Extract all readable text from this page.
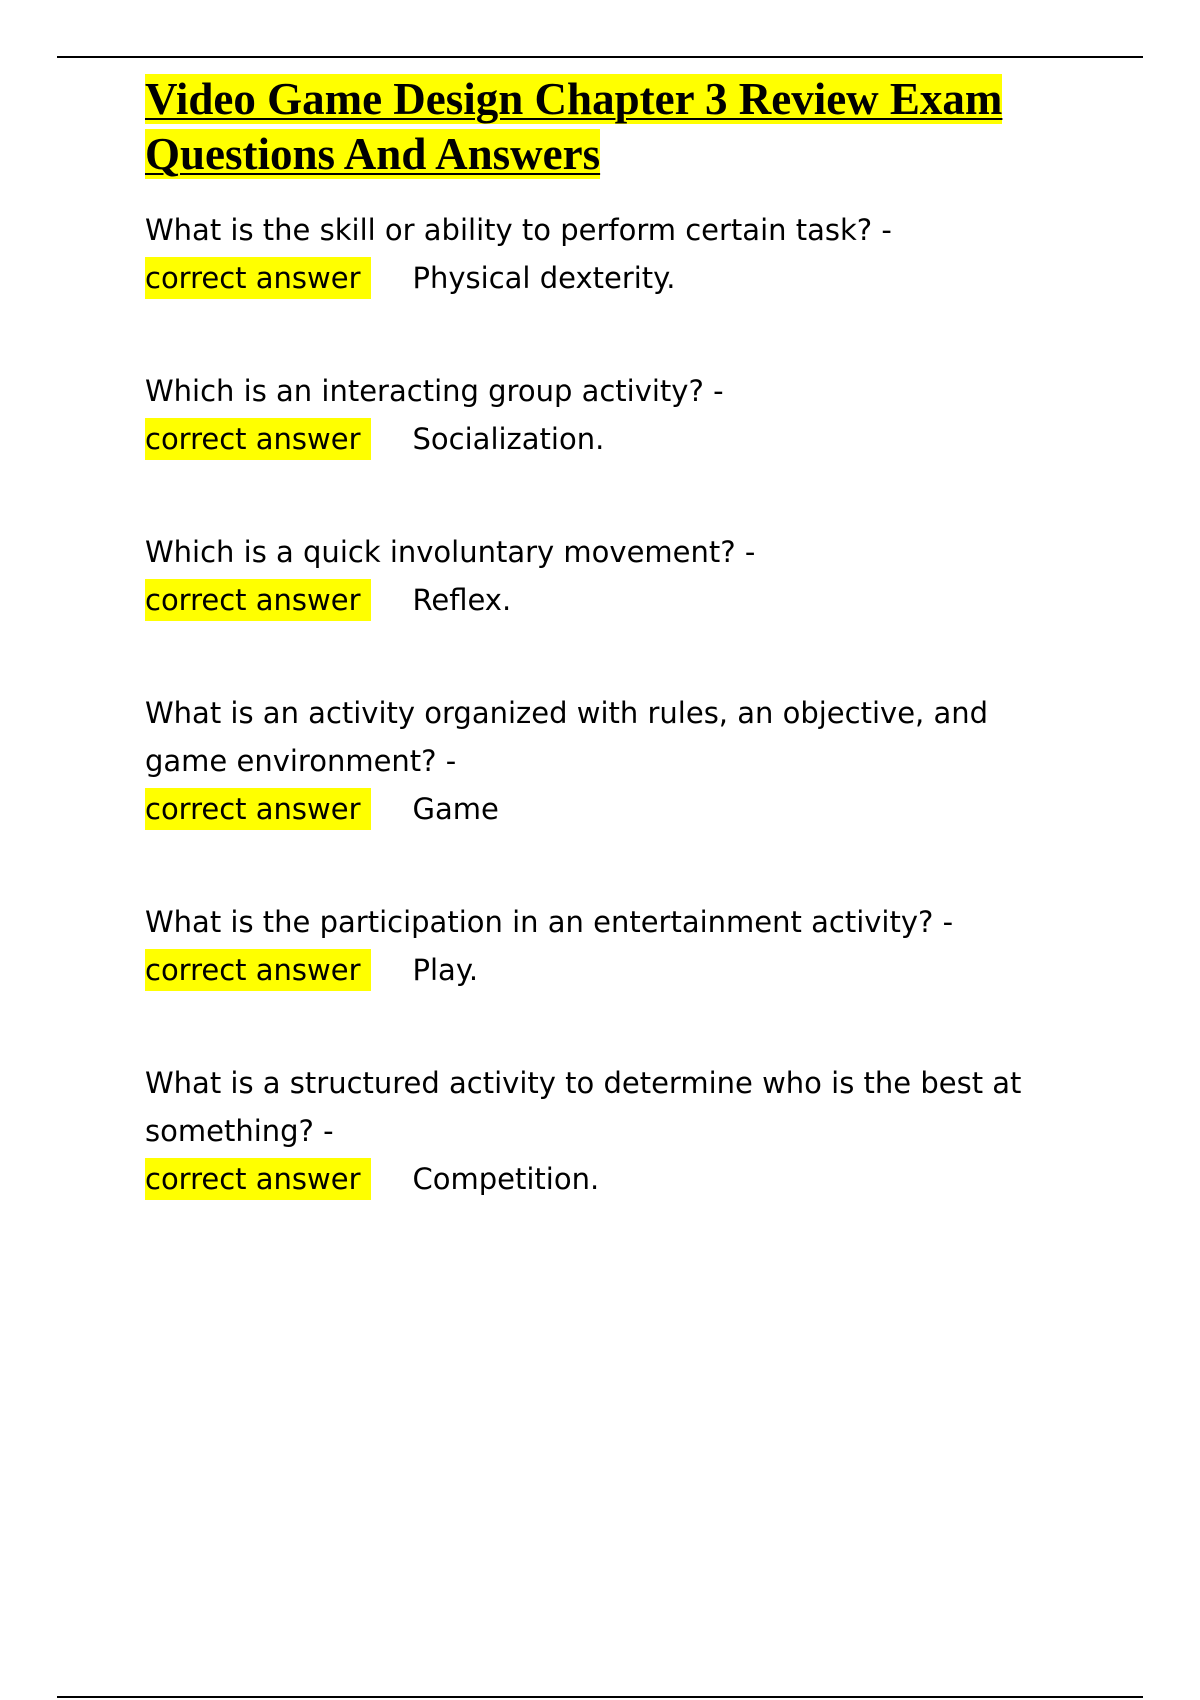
Video Game Design Chapter 3 Review Exam Questions And Answers

What is the skill or ability to perform certain task? -

correct answer	Physical dexterity.

Which is an interacting group activity? -

correct answer	Socialization.

Which is a quick involuntary movement? -

correct answer	Reflex.

What is an activity organized with rules, an objective, and game environment? -

correct answer	Game

What is the participation in an entertainment activity? -

correct answer	Play.

What is a structured activity to determine who is the best at something? -

correct answer	Competition.
